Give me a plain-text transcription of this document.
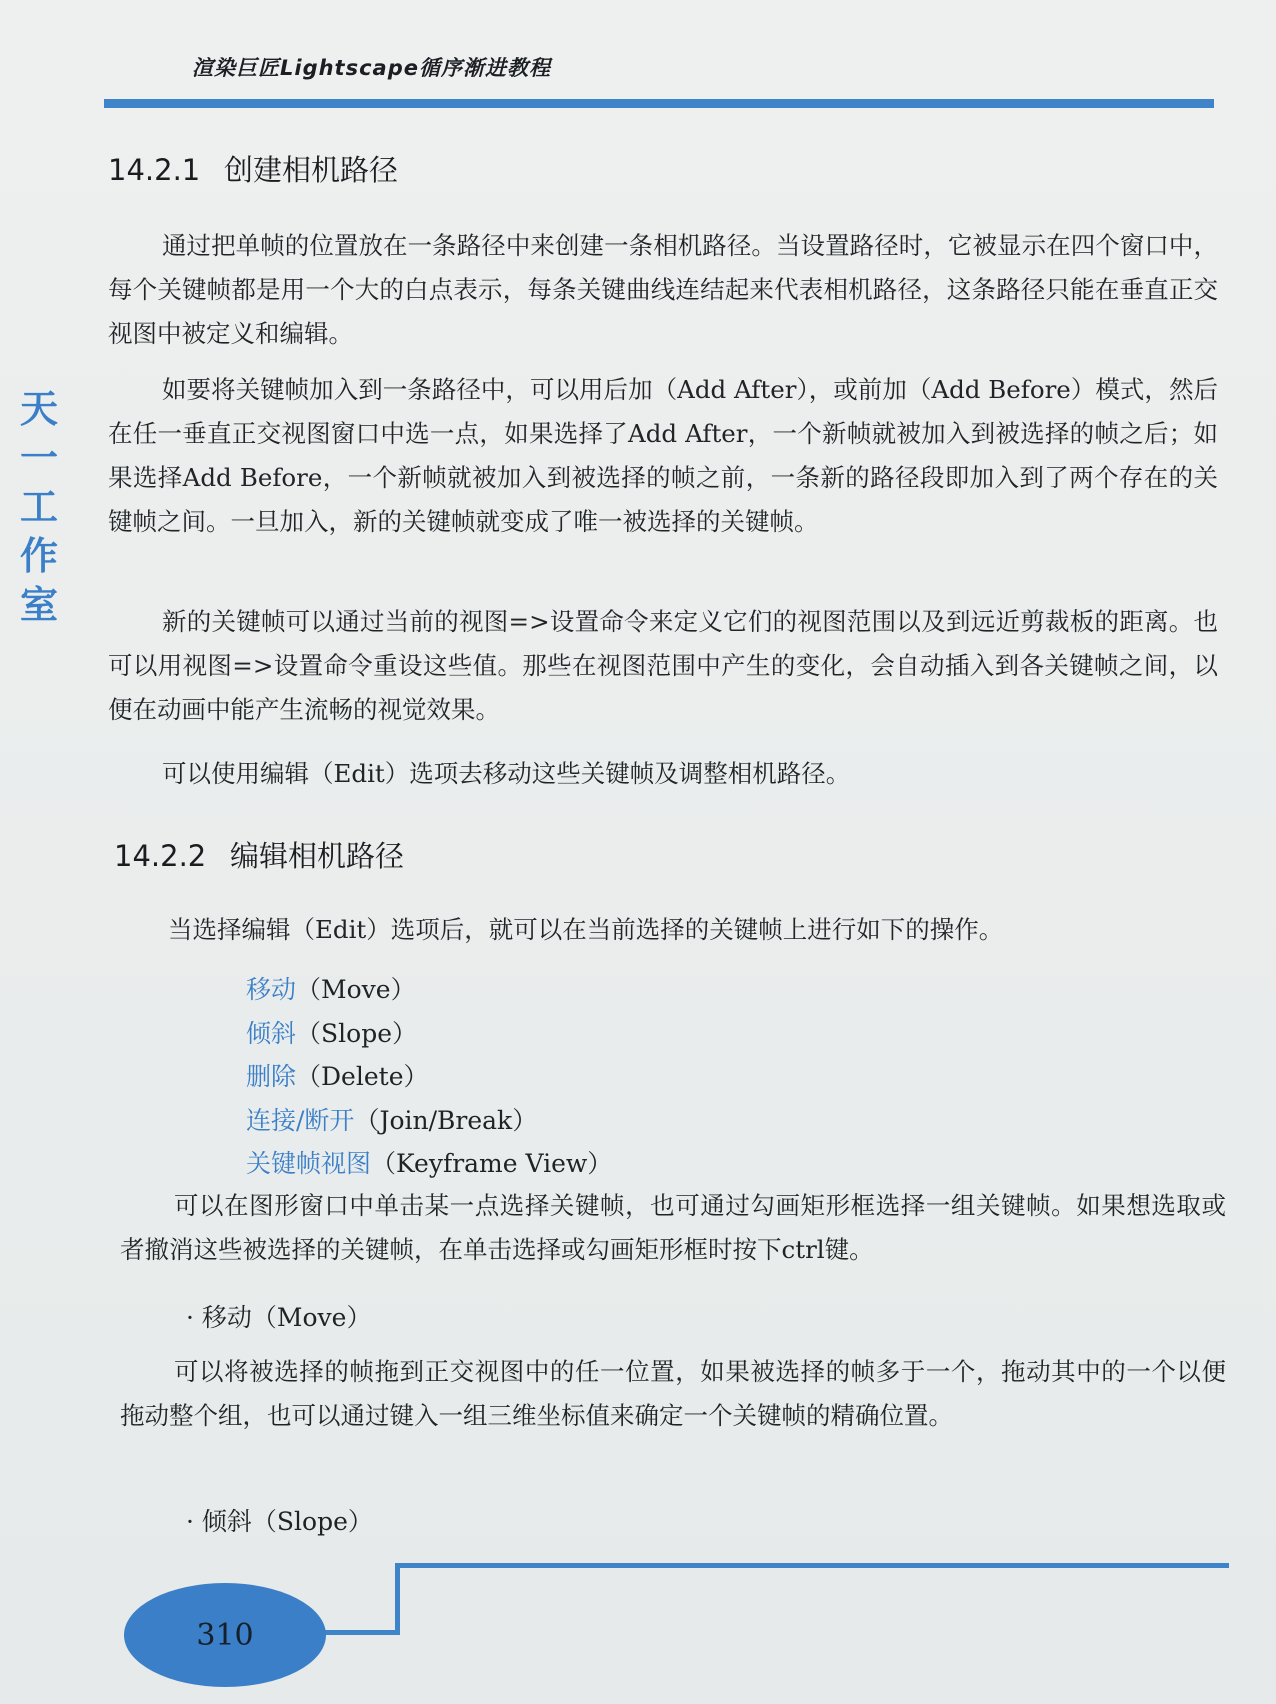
渲染巨匠Lightscape循序渐进教程
天一工作室
14.2.1 创建相机路径

通过把单帧的位置放在一条路径中来创建一条相机路径。当设置路径时，它被显示在四个窗口中，每个关键帧都是用一个大的白点表示，每条关键曲线连结起来代表相机路径，这条路径只能在垂直正交视图中被定义和编辑。

如要将关键帧加入到一条路径中，可以用后加（Add After），或前加（Add Before）模式，然后在任一垂直正交视图窗口中选一点，如果选择了Add After，一个新帧就被加入到被选择的帧之后；如果选择Add Before，一个新帧就被加入到被选择的帧之前，一条新的路径段即加入到了两个存在的关键帧之间。一旦加入，新的关键帧就变成了唯一被选择的关键帧。

新的关键帧可以通过当前的视图=>设置命令来定义它们的视图范围以及到远近剪裁板的距离。也可以用视图=>设置命令重设这些值。那些在视图范围中产生的变化，会自动插入到各关键帧之间，以便在动画中能产生流畅的视觉效果。

可以使用编辑（Edit）选项去移动这些关键帧及调整相机路径。

14.2.2 编辑相机路径

当选择编辑（Edit）选项后，就可以在当前选择的关键帧上进行如下的操作。

移动（Move）
倾斜（Slope）
删除（Delete）
连接/断开（Join/Break）
关键帧视图（Keyframe View）

可以在图形窗口中单击某一点选择关键帧，也可通过勾画矩形框选择一组关键帧。如果想选取或者撤消这些被选择的关键帧，在单击选择或勾画矩形框时按下ctrl键。

· 移动（Move）

可以将被选择的帧拖到正交视图中的任一位置，如果被选择的帧多于一个，拖动其中的一个以便拖动整个组，也可以通过键入一组三维坐标值来确定一个关键帧的精确位置。

· 倾斜（Slope）
310
